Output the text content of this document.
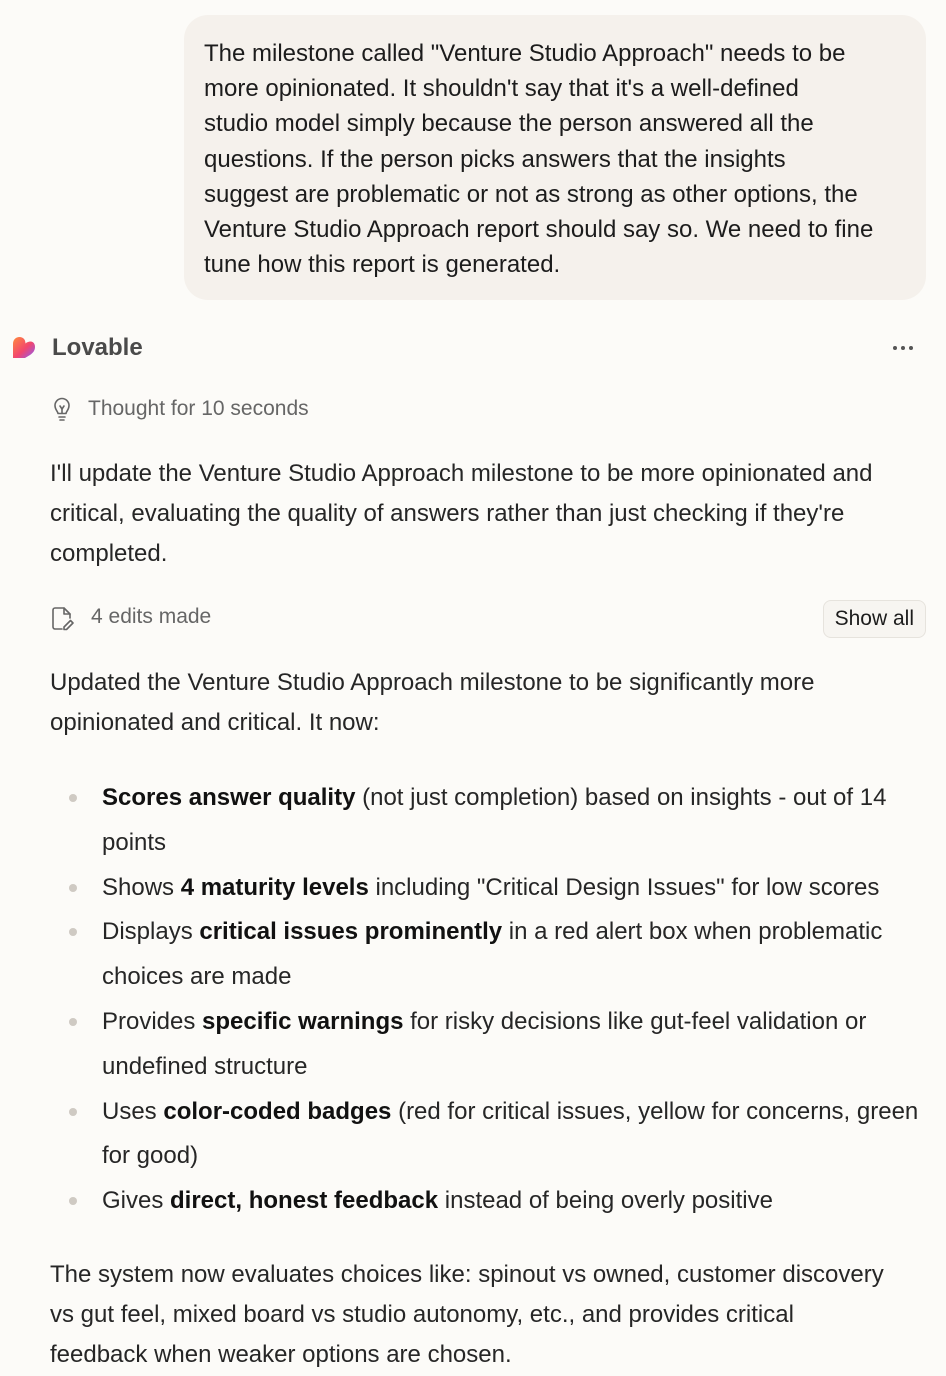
The milestone called "Venture Studio Approach" needs to be
more opinionated. It shouldn't say that it's a well-defined
studio model simply because the person answered all the
questions. If the person picks answers that the insights
suggest are problematic or not as strong as other options, the
Venture Studio Approach report should say so. We need to fine
tune how this report is generated.
Lovable
Thought for 10 seconds
I'll update the Venture Studio Approach milestone to be more opinionated and
critical, evaluating the quality of answers rather than just checking if they're
completed.
4 edits made	Show all
Updated the Venture Studio Approach milestone to be significantly more
opinionated and critical. It now:
Scores answer quality (not just completion) based on insights - out of 14 points
Shows 4 maturity levels including "Critical Design Issues" for low scores
Displays critical issues prominently in a red alert box when problematic choices are made
Provides specific warnings for risky decisions like gut-feel validation or undefined structure
Uses color-coded badges (red for critical issues, yellow for concerns, green for good)
Gives direct, honest feedback instead of being overly positive
The system now evaluates choices like: spinout vs owned, customer discovery
vs gut feel, mixed board vs studio autonomy, etc., and provides critical
feedback when weaker options are chosen.
